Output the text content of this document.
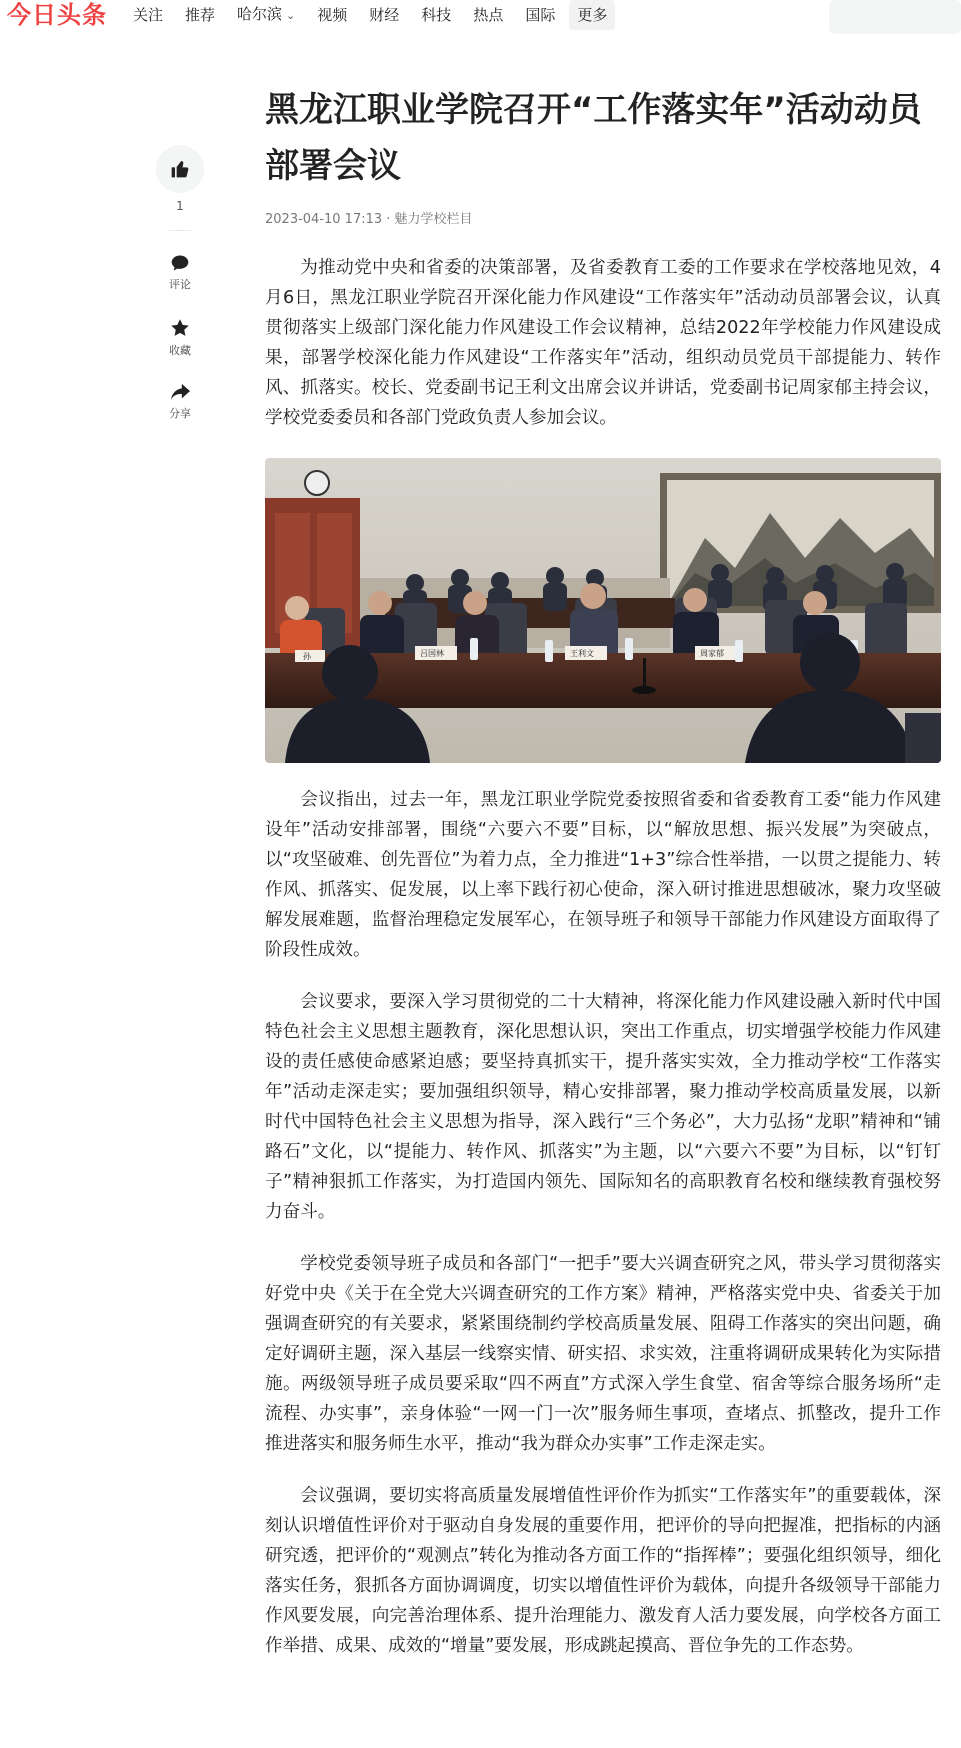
今日头条 关注 推荐 哈尔滨 ⌄ 视频 财经 科技 热点 国际	更多
1
评论
收藏
分享
黑龙江职业学院召开“工作落实年”活动动员部署会议
2023-04-10 17:13 · 魅力学校栏目

为推动党中央和省委的决策部署，及省委教育工委的工作要求在学校落地见效，4月6日，黑龙江职业学院召开深化能力作风建设“工作落实年”活动动员部署会议，认真贯彻落实上级部门深化能力作风建设工作会议精神，总结2022年学校能力作风建设成果，部署学校深化能力作风建设“工作落实年”活动，组织动员党员干部提能力、转作风、抓落实。校长、党委副书记王利文出席会议并讲话，党委副书记周家郁主持会议，学校党委委员和各部门党政负责人参加会议。

吕国林	王利文	周家郁
孙

会议指出，过去一年，黑龙江职业学院党委按照省委和省委教育工委“能力作风建设年”活动安排部署，围绕“六要六不要”目标，以“解放思想、振兴发展”为突破点，以“攻坚破难、创先晋位”为着力点，全力推进“1+3”综合性举措，一以贯之提能力、转作风、抓落实、促发展，以上率下践行初心使命，深入研讨推进思想破冰，聚力攻坚破解发展难题，监督治理稳定发展军心，在领导班子和领导干部能力作风建设方面取得了阶段性成效。

会议要求，要深入学习贯彻党的二十大精神，将深化能力作风建设融入新时代中国特色社会主义思想主题教育，深化思想认识，突出工作重点，切实增强学校能力作风建设的责任感使命感紧迫感；要坚持真抓实干，提升落实实效，全力推动学校“工作落实年”活动走深走实；要加强组织领导，精心安排部署，聚力推动学校高质量发展，以新时代中国特色社会主义思想为指导，深入践行“三个务必”，大力弘扬“龙职”精神和“铺路石”文化，以“提能力、转作风、抓落实”为主题，以“六要六不要”为目标，以“钉钉子”精神狠抓工作落实，为打造国内领先、国际知名的高职教育名校和继续教育强校努力奋斗。

学校党委领导班子成员和各部门“一把手”要大兴调查研究之风，带头学习贯彻落实好党中央《关于在全党大兴调查研究的工作方案》精神，严格落实党中央、省委关于加强调查研究的有关要求，紧紧围绕制约学校高质量发展、阻碍工作落实的突出问题，确定好调研主题，深入基层一线察实情、研实招、求实效，注重将调研成果转化为实际措施。两级领导班子成员要采取“四不两直”方式深入学生食堂、宿舍等综合服务场所“走流程、办实事”，亲身体验“一网一门一次”服务师生事项，查堵点、抓整改，提升工作推进落实和服务师生水平，推动“我为群众办实事”工作走深走实。

会议强调，要切实将高质量发展增值性评价作为抓实“工作落实年”的重要载体，深刻认识增值性评价对于驱动自身发展的重要作用，把评价的导向把握准，把指标的内涵研究透，把评价的“观测点”转化为推动各方面工作的“指挥棒”；要强化组织领导，细化落实任务，狠抓各方面协调调度，切实以增值性评价为载体，向提升各级领导干部能力作风要发展，向完善治理体系、提升治理能力、激发育人活力要发展，向学校各方面工作举措、成果、成效的“增量”要发展，形成跳起摸高、晋位争先的工作态势。
